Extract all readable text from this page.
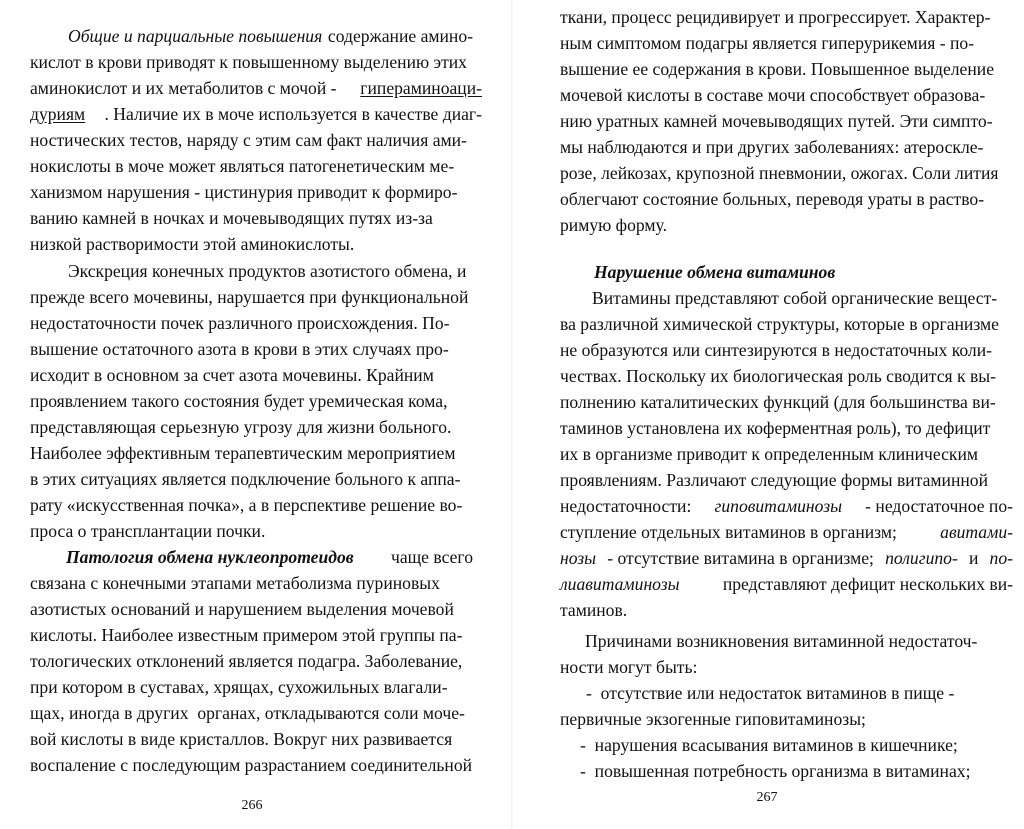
Нарушение обмена витаминов
266
267
Общие и парциальные повышения содержание амино-
кислот в крови приводят к повышенному выделению этих
аминокислот и их метаболитов с мочой - гипераминоаци-
дуриям . Наличие их в моче используется в качестве диаг-
ностических тестов, наряду с этим сам факт наличия ами-
нокислоты в моче может являться патогенетическим ме-
ханизмом нарушения - цистинурия приводит к формиро-
ванию камней в ночках и мочевыводящих путях из-за
низкой растворимости этой аминокислоты.
Экскреция конечных продуктов азотистого обмена, и
прежде всего мочевины, нарушается при функциональной
недостаточности почек различного происхождения. По-
вышение остаточного азота в крови в этих случаях про-
исходит в основном за счет азота мочевины. Крайним
проявлением такого состояния будет уремическая кома,
представляющая серьезную угрозу для жизни больного.
Наиболее эффективным терапевтическим мероприятием
в этих ситуациях является подключение больного к аппа-
рату «искусственная почка», а в перспективе решение во-
проса о трансплантации почки.
Патология обмена нуклеопротеидов чаще всего
связана с конечными этапами метаболизма пуриновых
азотистых оснований и нарушением выделения мочевой
кислоты. Наиболее известным примером этой группы па-
тологических отклонений является подагра. Заболевание,
при котором в суставах, хрящах, сухожильных влагали-
щах, иногда в других  органах, откладываются соли моче-
вой кислоты в виде кристаллов. Вокруг них развивается
воспаление с последующим разрастанием соединительной
ткани, процесс рецидивирует и прогрессирует. Характер-
ным симптомом подагры является гиперурикемия - по-
вышение ее содержания в крови. Повышенное выделение
мочевой кислоты в составе мочи способствует образова-
нию уратных камней мочевыводящих путей. Эти симпто-
мы наблюдаются и при других заболеваниях: атероскле-
розе, лейкозах, крупозной пневмонии, ожогах. Соли лития
облегчают состояние больных, переводя ураты в раство-
римую форму.
Витамины представляют собой органические вещест-
ва различной химической структуры, которые в организме
не образуются или синтезируются в недостаточных коли-
чествах. Поскольку их биологическая роль сводится к вы-
полнению каталитических функций (для большинства ви-
таминов установлена их коферментная роль), то дефицит
их в организме приводит к определенным клиническим
проявлениям. Различают следующие формы витаминной
недостаточности: гиповитаминозы - недостаточное по-
ступление отдельных витаминов в организм; авитами-
нозы - отсутствие витамина в организме; полигипо- и по-
лиавитаминозы представляют дефицит нескольких ви-
таминов.
Причинами возникновения витаминной недостаточ-
ности могут быть:
-  отсутствие или недостаток витаминов в пище -
первичные экзогенные гиповитаминозы;
-  нарушения всасывания витаминов в кишечнике;
-  повышенная потребность организма в витаминах;
